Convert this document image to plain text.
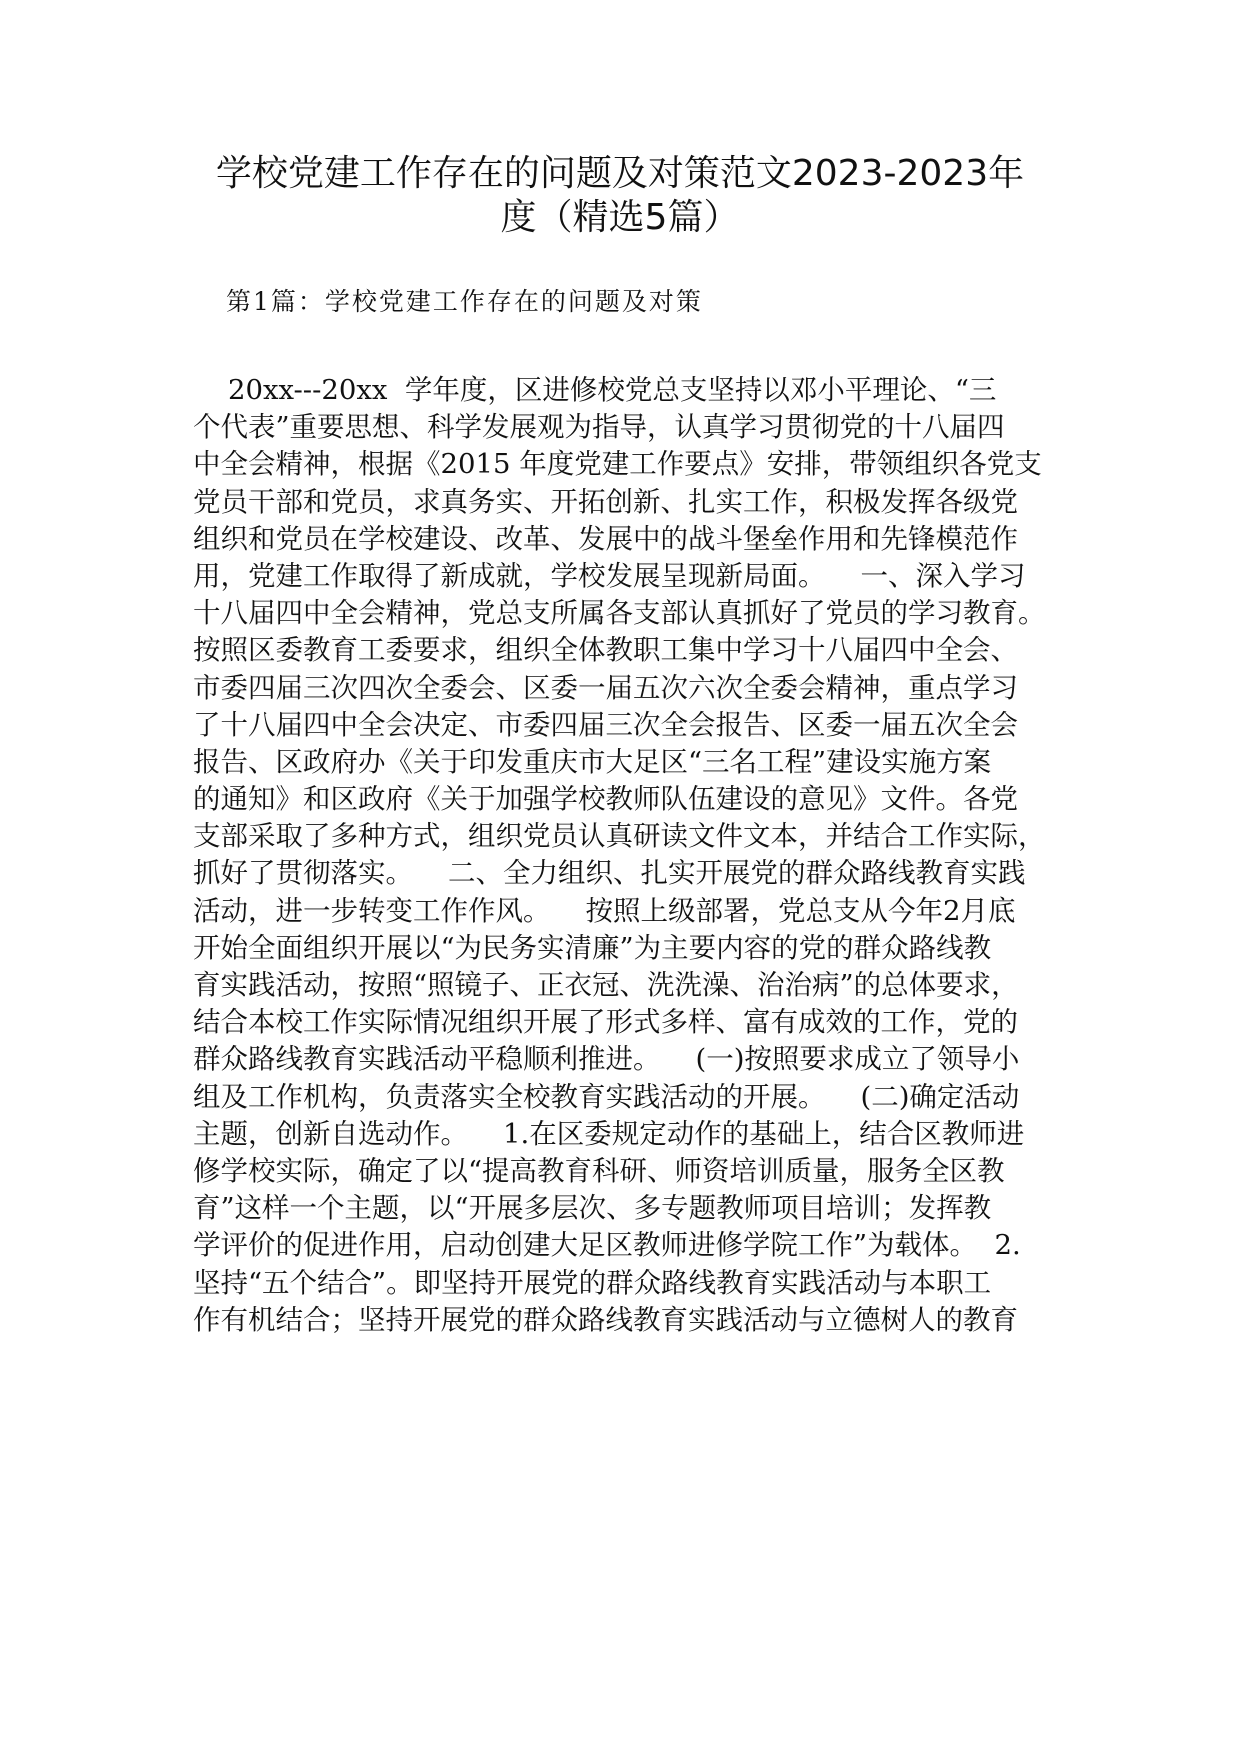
学校党建工作存在的问题及对策范文2023-2023年
度（精选5篇）
第1篇：学校党建工作存在的问题及对策
20xx---20xx  学年度，区进修校党总支坚持以邓小平理论、“三
个代表”重要思想、科学发展观为指导，认真学习贯彻党的十八届四
中全会精神，根据《2015 年度党建工作要点》安排，带领组织各党支
党员干部和党员，求真务实、开拓创新、扎实工作，积极发挥各级党
组织和党员在学校建设、改革、发展中的战斗堡垒作用和先锋模范作
用，党建工作取得了新成就，学校发展呈现新局面。    一、深入学习
十八届四中全会精神，党总支所属各支部认真抓好了党员的学习教育。
按照区委教育工委要求，组织全体教职工集中学习十八届四中全会、
市委四届三次四次全委会、区委一届五次六次全委会精神，重点学习
了十八届四中全会决定、市委四届三次全会报告、区委一届五次全会
报告、区政府办《关于印发重庆市大足区“三名工程”建设实施方案
的通知》和区政府《关于加强学校教师队伍建设的意见》文件。各党
支部采取了多种方式，组织党员认真研读文件文本，并结合工作实际，
抓好了贯彻落实。    二、全力组织、扎实开展党的群众路线教育实践
活动，进一步转变工作作风。    按照上级部署，党总支从今年2月底
开始全面组织开展以“为民务实清廉”为主要内容的党的群众路线教
育实践活动，按照“照镜子、正衣冠、洗洗澡、治治病”的总体要求，
结合本校工作实际情况组织开展了形式多样、富有成效的工作，党的
群众路线教育实践活动平稳顺利推进。    (一)按照要求成立了领导小
组及工作机构，负责落实全校教育实践活动的开展。    (二)确定活动
主题，创新自选动作。    1.在区委规定动作的基础上，结合区教师进
修学校实际，确定了以“提高教育科研、师资培训质量，服务全区教
育”这样一个主题，以“开展多层次、多专题教师项目培训；发挥教
学评价的促进作用，启动创建大足区教师进修学院工作”为载体。  2.
坚持“五个结合”。即坚持开展党的群众路线教育实践活动与本职工
作有机结合；坚持开展党的群众路线教育实践活动与立德树人的教育
